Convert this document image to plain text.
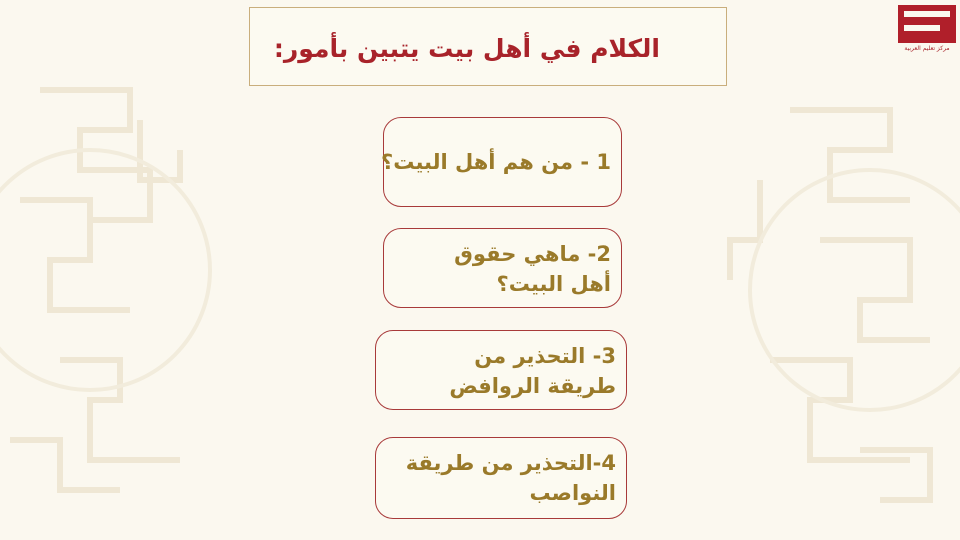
الكلام في أهل بيت يتبين بأمور:	مركز تعليم العربية
1 - من هم أهل البيت؟
2- ماهي حقوق أهل البيت؟
3- التحذير من طريقة الروافض
4-التحذير من طريقة النواصب
